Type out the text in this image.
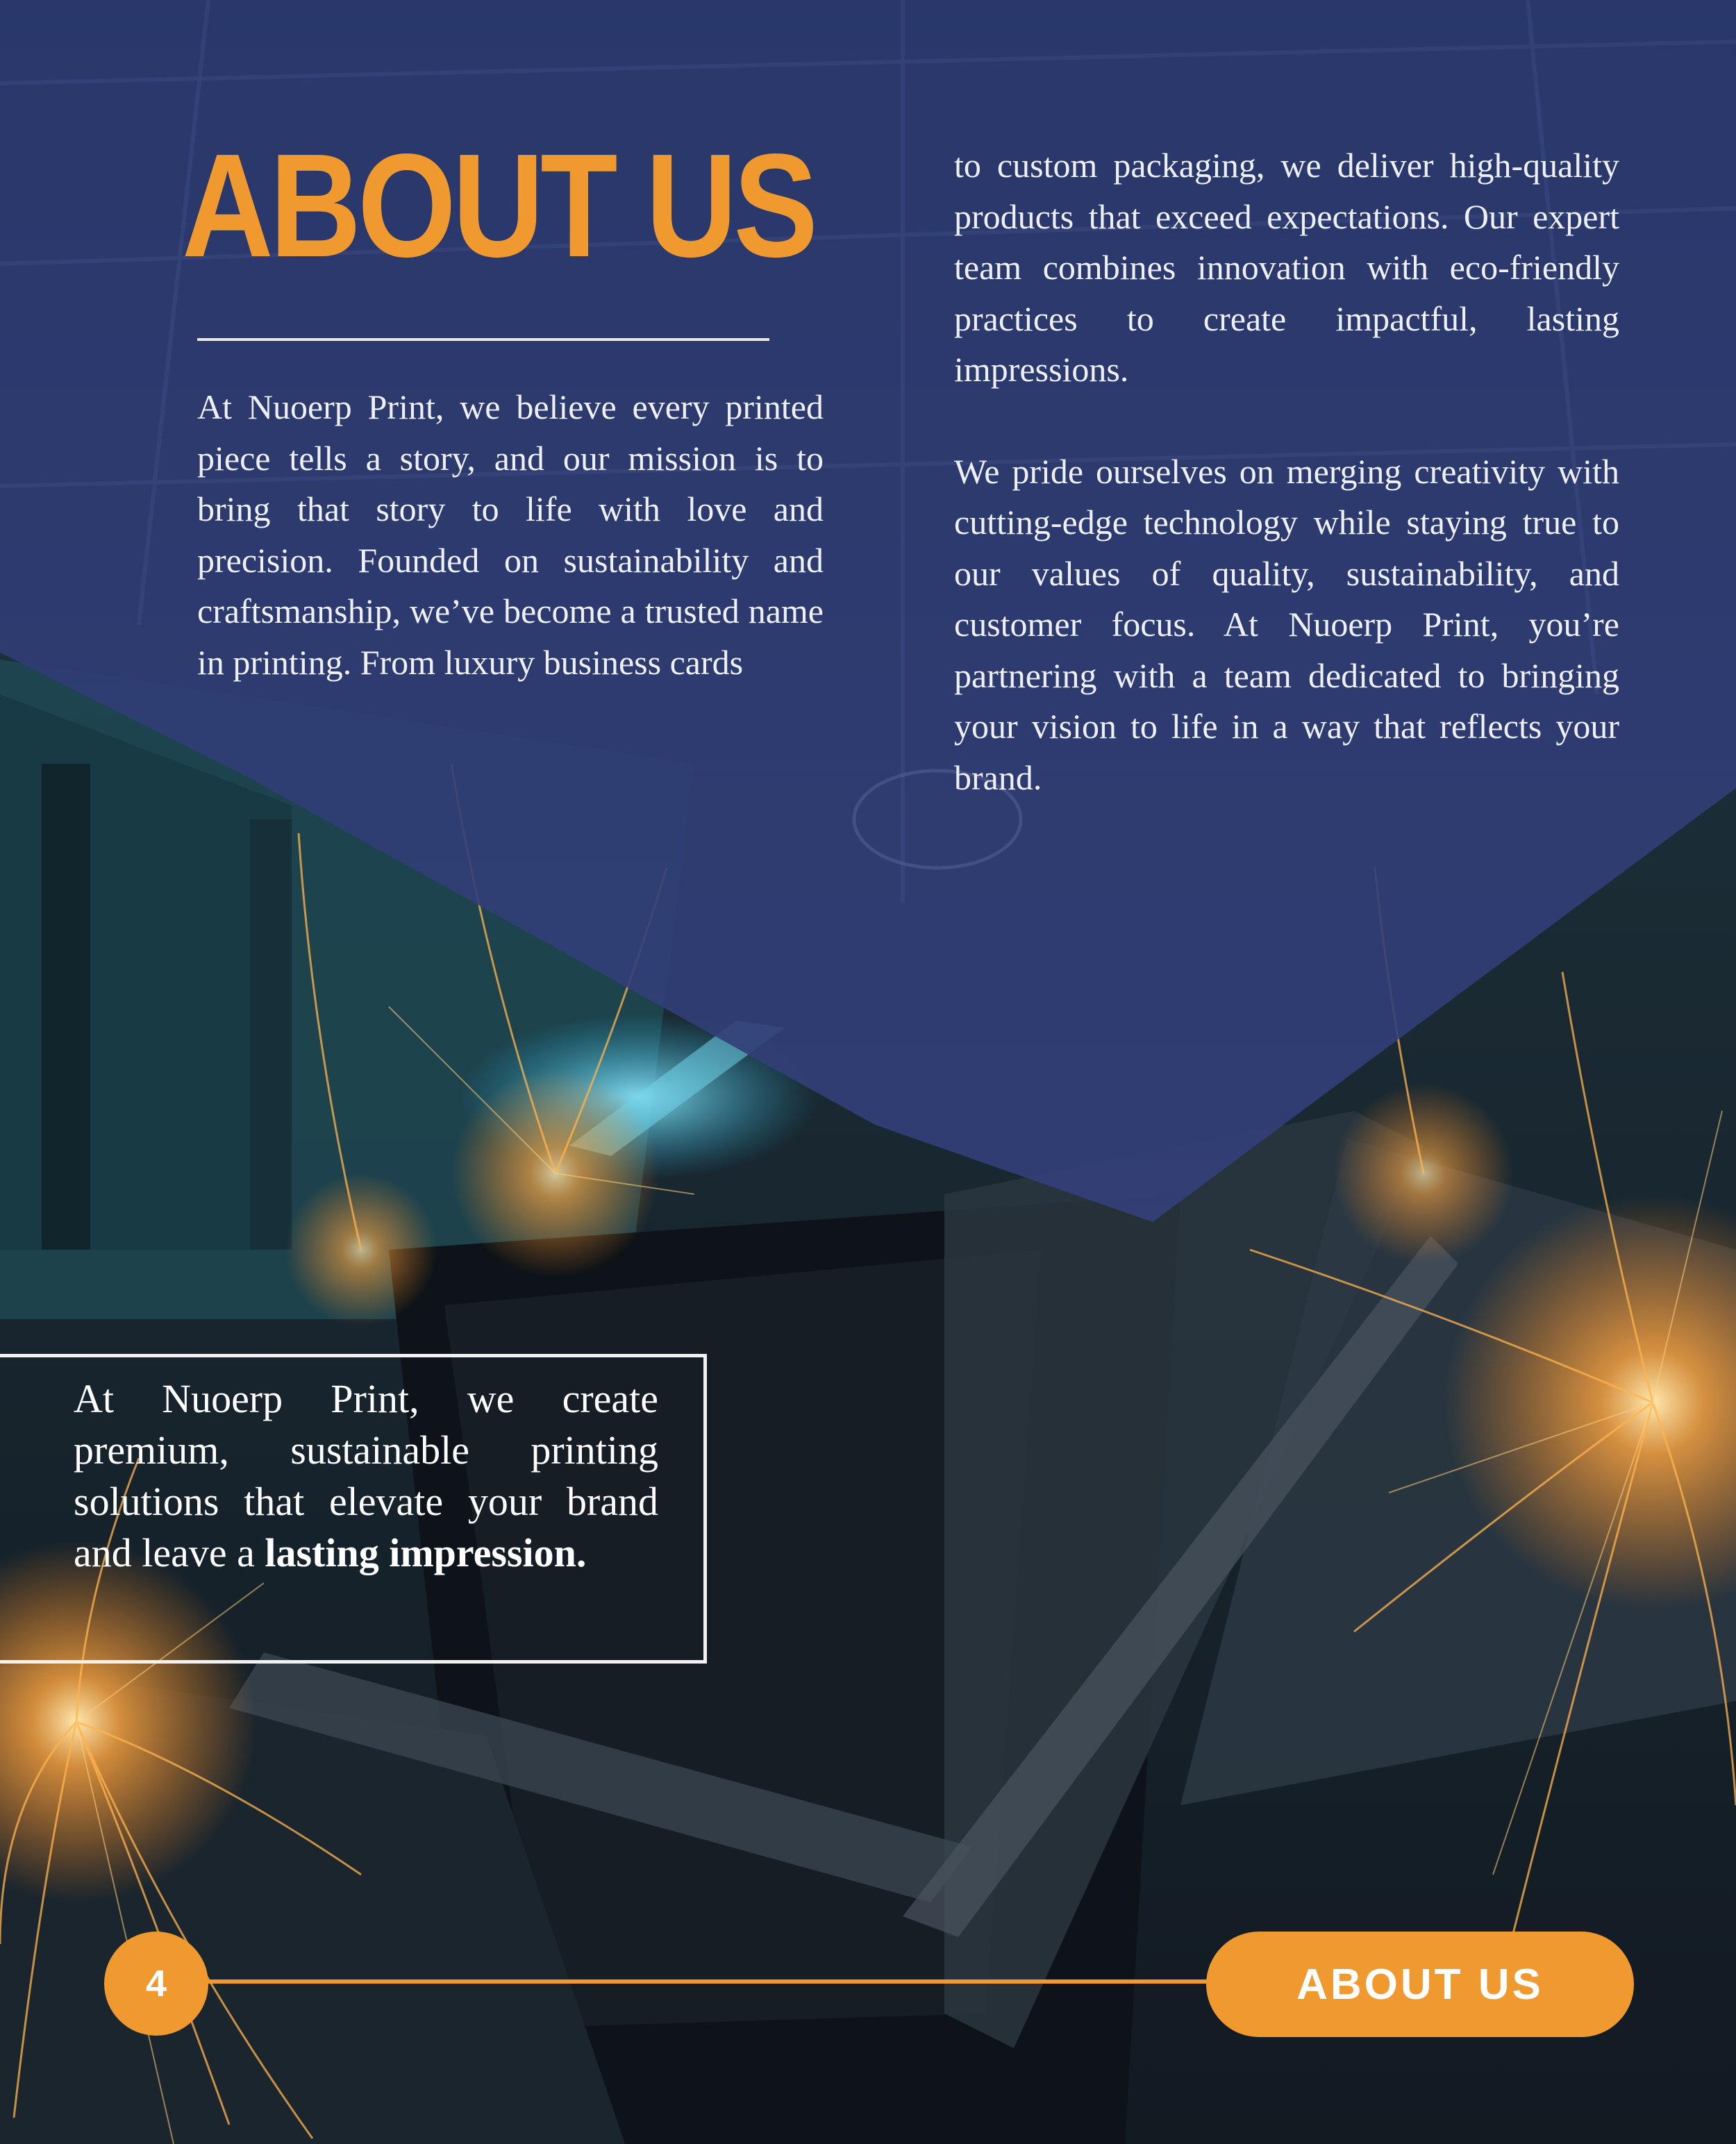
ABOUT US
At Nuoerp Print, we believe every printed piece tells a story, and our mission is to bring that story to life with love and precision. Founded on sustainability and craftsmanship, we’ve become a trusted name in printing. From luxury business cards

to custom packaging, we deliver high-quality products that exceed expectations. Our expert team combines innovation with eco-friendly practices to create impactful, lasting impressions.

We pride ourselves on merging creativity with cutting-edge technology while staying true to our values of quality, sustainability, and customer focus. At Nuoerp Print, you’re partnering with a team dedicated to bringing your vision to life in a way that reflects your brand.

At Nuoerp Print, we create premium, sustainable printing solutions that elevate your brand and leave a lasting impression.
4	ABOUT US
